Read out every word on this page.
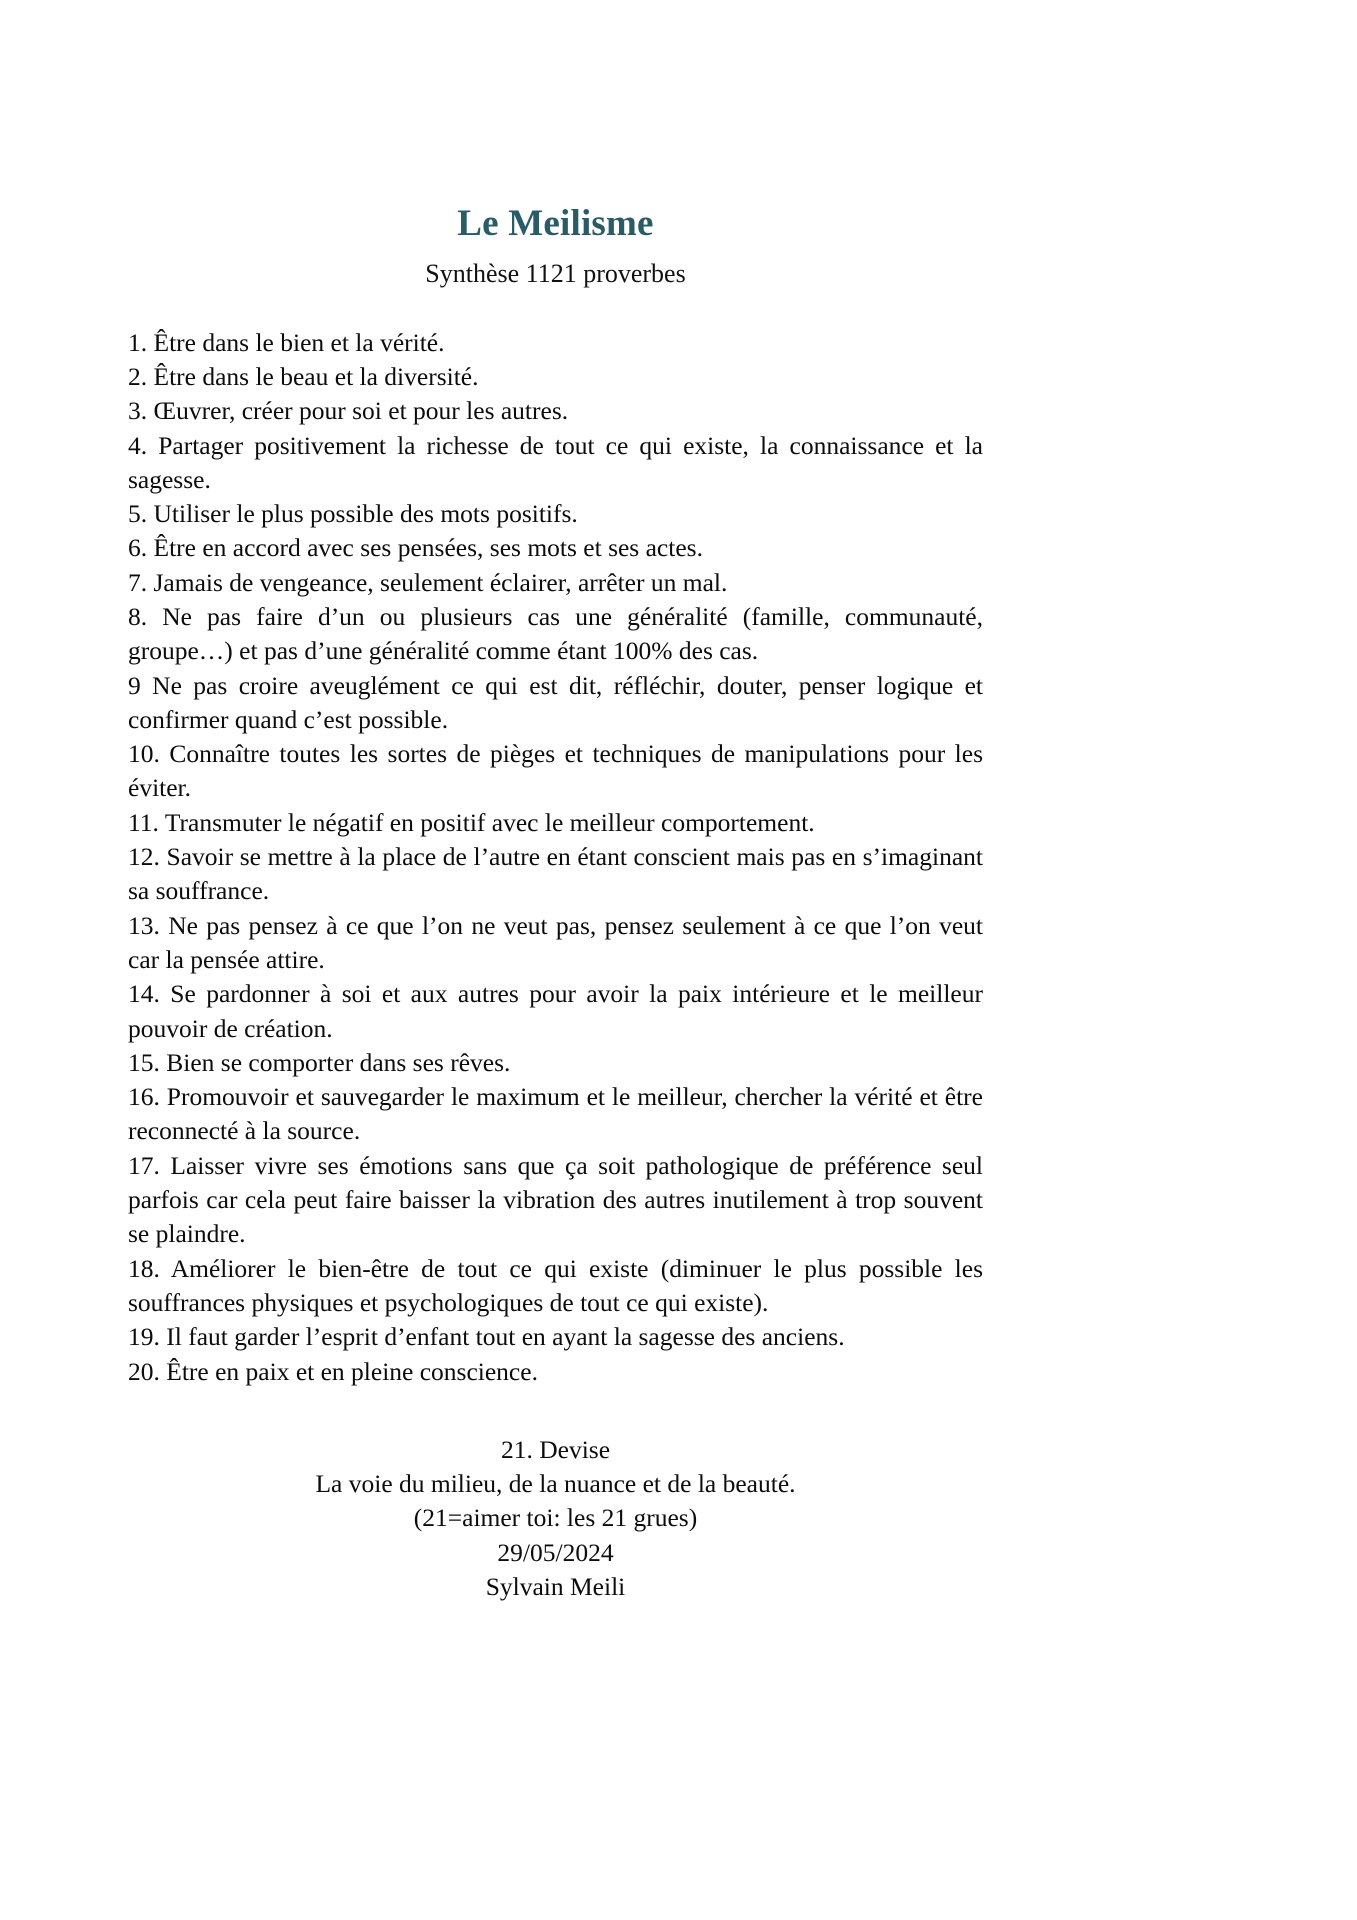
Le Meilisme

Synthèse 1121 proverbes

1. Être dans le bien et la vérité.

2. Être dans le beau et la diversité.

3. Œuvrer, créer pour soi et pour les autres.

4. Partager positivement la richesse de tout ce qui existe, la connaissance et la sagesse.

5. Utiliser le plus possible des mots positifs.

6. Être en accord avec ses pensées, ses mots et ses actes.

7. Jamais de vengeance, seulement éclairer, arrêter un mal.

8. Ne pas faire d’un ou plusieurs cas une généralité (famille, communauté, groupe…) et pas d’une généralité comme étant 100% des cas.

9 Ne pas croire aveuglément ce qui est dit, réfléchir, douter, penser logique et confirmer quand c’est possible.

10. Connaître toutes les sortes de pièges et techniques de manipulations pour les éviter.

11. Transmuter le négatif en positif avec le meilleur comportement.

12. Savoir se mettre à la place de l’autre en étant conscient mais pas en s’imaginant sa souffrance.

13. Ne pas pensez à ce que l’on ne veut pas, pensez seulement à ce que l’on veut car la pensée attire.

14. Se pardonner à soi et aux autres pour avoir la paix intérieure et le meilleur pouvoir de création.

15. Bien se comporter dans ses rêves.

16. Promouvoir et sauvegarder le maximum et le meilleur, chercher la vérité et être reconnecté à la source.

17. Laisser vivre ses émotions sans que ça soit pathologique de préférence seul parfois car cela peut faire baisser la vibration des autres inutilement à trop souvent se plaindre.

18. Améliorer le bien-être de tout ce qui existe (diminuer le plus possible les souffrances physiques et psychologiques de tout ce qui existe).

19. Il faut garder l’esprit d’enfant tout en ayant la sagesse des anciens.

20. Être en paix et en pleine conscience.

21. Devise

La voie du milieu, de la nuance et de la beauté.

(21=aimer toi: les 21 grues)

29/05/2024

Sylvain Meili
